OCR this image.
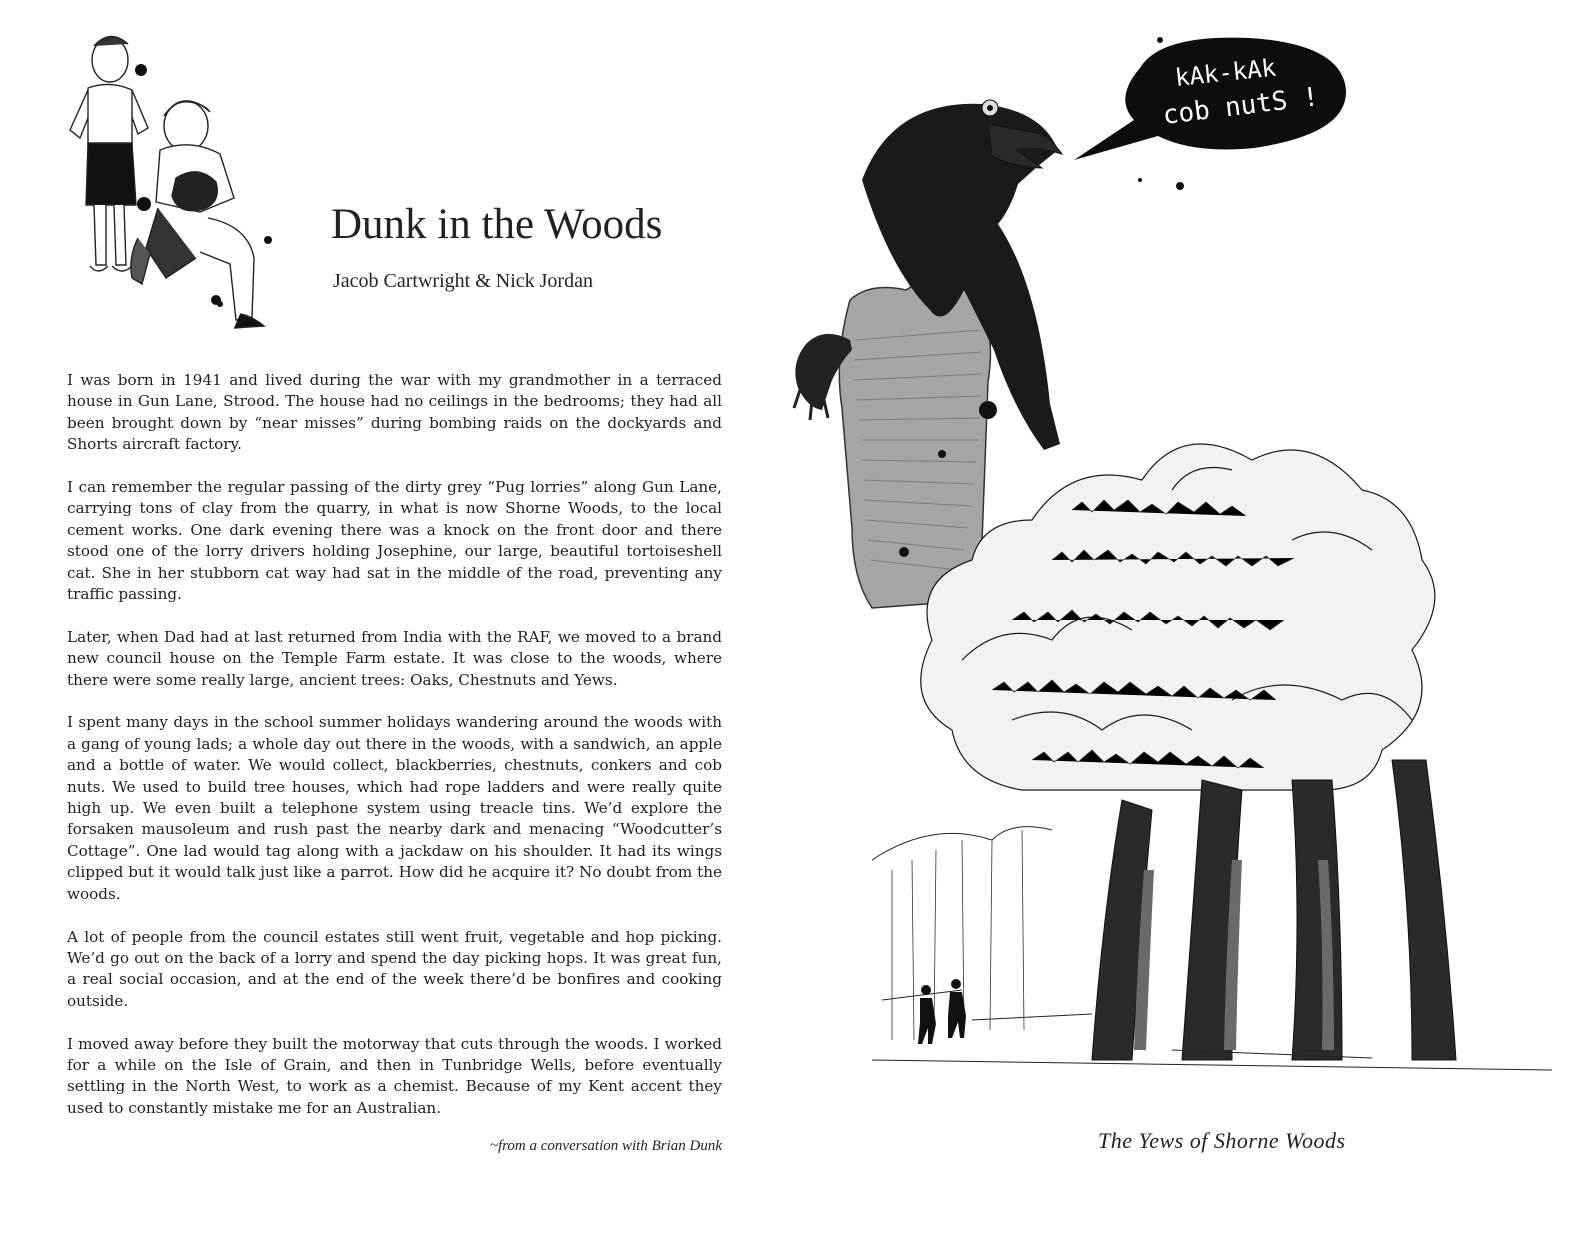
Dunk in the Woods
Jacob Cartwright & Nick Jordan

I was born in 1941 and lived during the war with my grandmother in a terraced house in Gun Lane, Strood. The house had no ceilings in the bedrooms; they had all been brought down by “near misses” during bombing raids on the dockyards and Shorts aircraft factory.

I can remember the regular passing of the dirty grey “Pug lorries” along Gun Lane, carrying tons of clay from the quarry, in what is now Shorne Woods, to the local cement works. One dark evening there was a knock on the front door and there stood one of the lorry drivers holding Josephine, our large, beautiful tortoiseshell cat. She in her stubborn cat way had sat in the middle of the road, preventing any traffic passing.

Later, when Dad had at last returned from India with the RAF, we moved to a brand new council house on the Temple Farm estate. It was close to the woods, where there were some really large, ancient trees: Oaks, Chestnuts and Yews.

I spent many days in the school summer holidays wandering around the woods with a gang of young lads; a whole day out there in the woods, with a sandwich, an apple and a bottle of water. We would collect, blackberries, chestnuts, conkers and cob nuts. We used to build tree houses, which had rope ladders and were really quite high up. We even built a telephone system using treacle tins. We’d explore the forsaken mausoleum and rush past the nearby dark and menacing “Woodcutter’s Cottage”. One lad would tag along with a jackdaw on his shoulder. It had its wings clipped but it would talk just like a parrot. How did he acquire it? No doubt from the woods.

A lot of people from the council estates still went fruit, vegetable and hop picking. We’d go out on the back of a lorry and spend the day picking hops. It was great fun, a real social occasion, and at the end of the week there’d be bonfires and cooking outside.

I moved away before they built the motorway that cuts through the woods. I worked for a while on the Isle of Grain, and then in Tunbridge Wells, before eventually settling in the North West, to work as a chemist. Because of my Kent accent they used to constantly mistake me for an Australian.

~from a conversation with Brian Dunk
kAk-kAk
cob nutS !
The Yews of Shorne Woods
